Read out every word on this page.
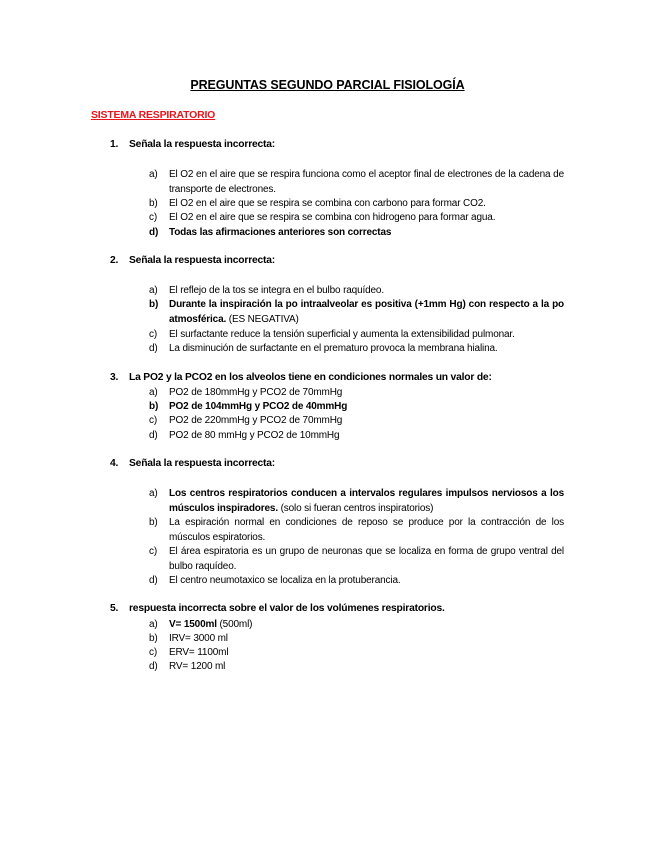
PREGUNTAS SEGUNDO PARCIAL FISIOLOGÍA
SISTEMA RESPIRATORIO
1. Señala la respuesta incorrecta:
a)	El O2 en el aire que se respira funciona como el aceptor final de electrones de la cadena de transporte de electrones.
b)	El O2 en el aire que se respira se combina con carbono para formar CO2.
c)	El O2 en el aire que se respira se combina con hidrogeno para formar agua.
d)	Todas las afirmaciones anteriores son correctas
2. Señala la respuesta incorrecta:
a)	El reflejo de la tos se integra en el bulbo raquídeo.
b)	Durante la inspiración la po intraalveolar es positiva (+1mm Hg) con respecto a la po atmosférica. (ES NEGATIVA)
c)	El surfactante reduce la tensión superficial y aumenta la extensibilidad pulmonar.
d)	La disminución de surfactante en el prematuro provoca la membrana hialina.
3. La PO2 y la PCO2 en los alveolos tiene en condiciones normales un valor de:
a)	PO2 de 180mmHg y PCO2 de 70mmHg
b)	PO2 de 104mmHg y PCO2 de 40mmHg
c)	PO2 de 220mmHg y PCO2 de 70mmHg
d)	PO2 de 80 mmHg y PCO2 de 10mmHg
4. Señala la respuesta incorrecta:
a)	Los centros respiratorios conducen a intervalos regulares impulsos nerviosos a los músculos inspiradores. (solo si fueran centros inspiratorios)
b)	La espiración normal en condiciones de reposo se produce por la contracción de los músculos espiratorios.
c)	El área espiratoria es un grupo de neuronas que se localiza en forma de grupo ventral del bulbo raquídeo.
d)	El centro neumotaxico se localiza en la protuberancia.
5. respuesta incorrecta sobre el valor de los volúmenes respiratorios.
a)	V= 1500ml (500ml)
b)	IRV= 3000 ml
c)	ERV= 1100ml
d)	RV= 1200 ml
